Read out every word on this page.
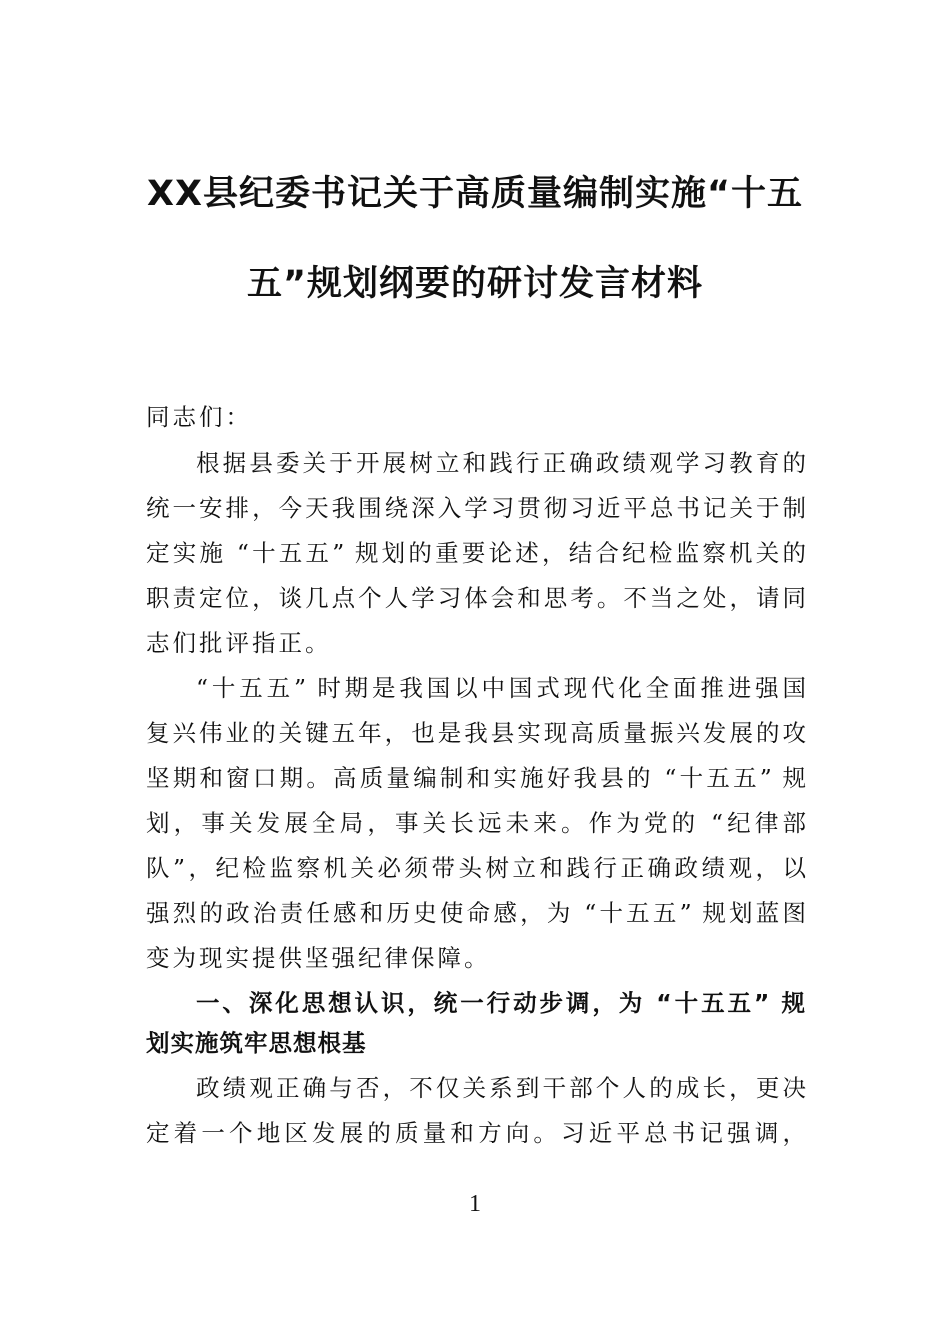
XX县纪委书记关于高质量编制实施“十五
五”规划纲要的研讨发言材料
同志们：
根据县委关于开展树立和践行正确政绩观学习教育的
统一安排，今天我围绕深入学习贯彻习近平总书记关于制
定实施 “十五五” 规划的重要论述，结合纪检监察机关的
职责定位，谈几点个人学习体会和思考。不当之处，请同
志们批评指正。
“十五五” 时期是我国以中国式现代化全面推进强国
复兴伟业的关键五年，也是我县实现高质量振兴发展的攻
坚期和窗口期。高质量编制和实施好我县的 “十五五” 规
划，事关发展全局，事关长远未来。作为党的 “纪律部
队”，纪检监察机关必须带头树立和践行正确政绩观，以
强烈的政治责任感和历史使命感，为 “十五五” 规划蓝图
变为现实提供坚强纪律保障。
一、深化思想认识，统一行动步调，为 “十五五” 规
划实施筑牢思想根基
政绩观正确与否，不仅关系到干部个人的成长，更决
定着一个地区发展的质量和方向。习近平总书记强调，
1
